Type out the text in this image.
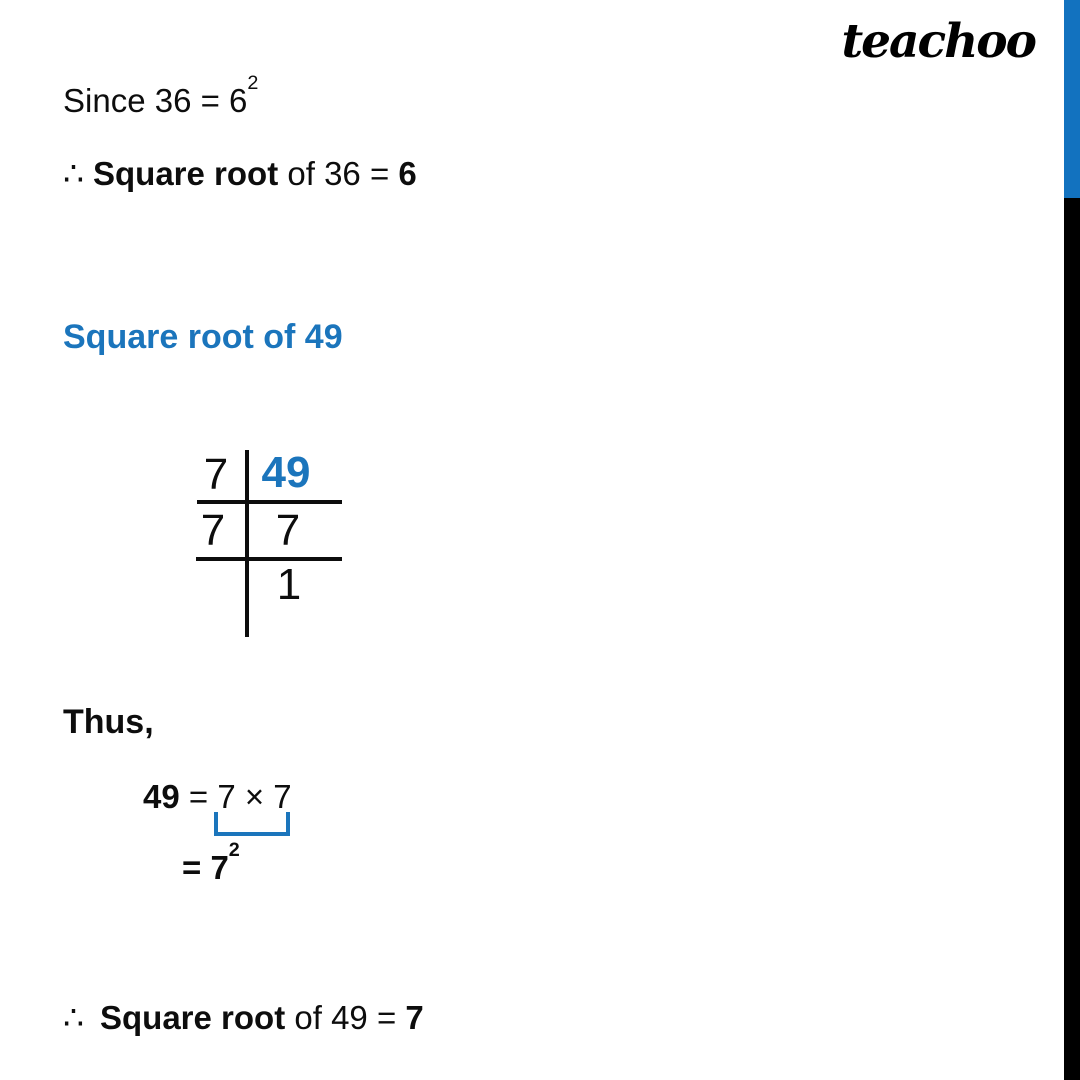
teachoo
Since $36 = 6^2$
∴ Square root of 36 = 6
Square root of 49
7 49
7	7
1
Thus,
49 = 7 × 7
= $7^2$
∴ Square root of 49 = 7
